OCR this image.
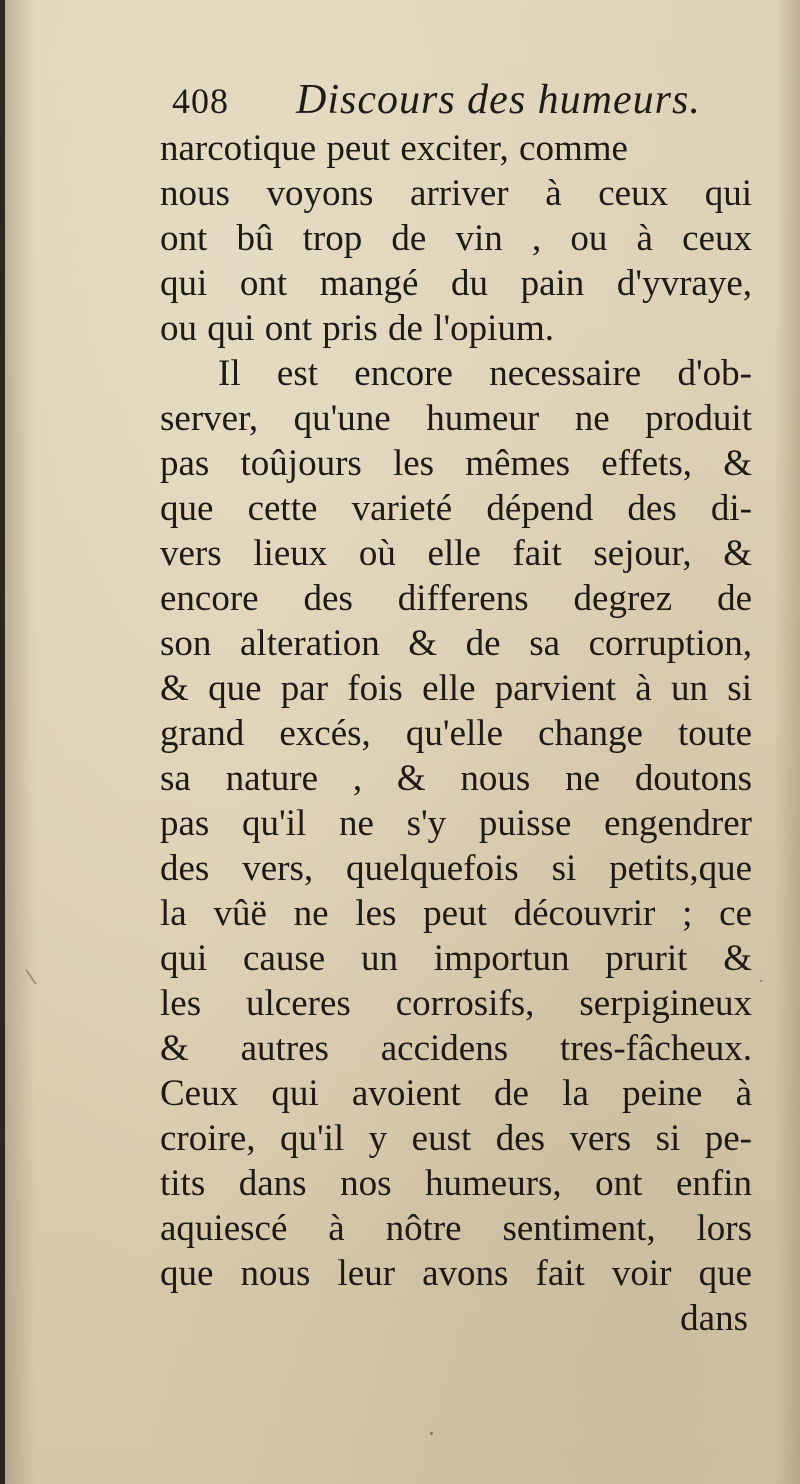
408 Discours des humeurs.
narcotique peut exciter, comme
nous voyons arriver à ceux qui
ont bû trop de vin , ou à ceux
qui ont mangé du pain d'yvraye,
ou qui ont pris de l'opium.
Il est encore necessaire d'ob-
server, qu'une humeur ne produit
pas toûjours les mêmes effets, &
que cette varieté dépend des di-
vers lieux où elle fait sejour, &
encore des differens degrez de
son alteration & de sa corruption,
& que par fois elle parvient à un si
grand excés, qu'elle change toute
sa nature , & nous ne doutons
pas qu'il ne s'y puisse engendrer
des vers, quelquefois si petits,que
la vûë ne les peut découvrir ; ce
qui cause un importun prurit &
les ulceres corrosifs, serpigineux
& autres accidens tres-fâcheux.
Ceux qui avoient de la peine à
croire, qu'il y eust des vers si pe-
tits dans nos humeurs, ont enfin
aquiescé à nôtre sentiment, lors
que nous leur avons fait voir que
dans
